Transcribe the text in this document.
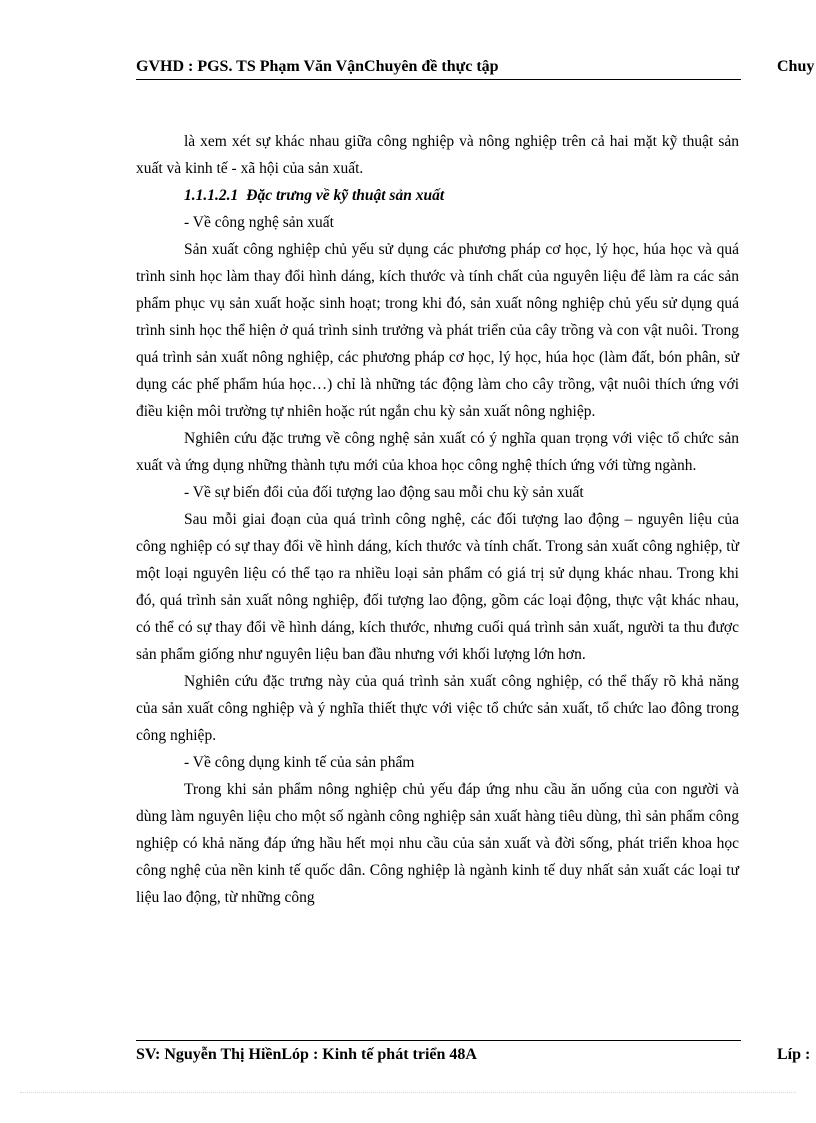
GVHD : PGS. TS Phạm Văn VậnChuyên đề thực tập	Chuy

là xem xét sự khác nhau giữa công nghiệp và nông nghiệp trên cả hai mặt kỹ thuật sản xuất và kinh tế - xã hội của sản xuất.

1.1.1.2.1 Đặc trưng về kỹ thuật sản xuất

- Về công nghệ sản xuất

Sản xuất công nghiệp chủ yếu sử dụng các phương pháp cơ học, lý học, húa học và quá trình sinh học làm thay đổi hình dáng, kích thước và tính chất của nguyên liệu để làm ra các sản phẩm phục vụ sản xuất hoặc sinh hoạt; trong khi đó, sản xuất nông nghiệp chủ yếu sử dụng quá trình sinh học thể hiện ở quá trình sinh trưởng và phát triển của cây trồng và con vật nuôi. Trong quá trình sản xuất nông nghiệp, các phương pháp cơ học, lý học, húa học (làm đất, bón phân, sử dụng các phế phẩm húa học…) chỉ là những tác động làm cho cây trồng, vật nuôi thích ứng với điều kiện môi trường tự nhiên hoặc rút ngắn chu kỳ sản xuất nông nghiệp.

Nghiên cứu đặc trưng về công nghệ sản xuất có ý nghĩa quan trọng với việc tổ chức sản xuất và ứng dụng những thành tựu mới của khoa học công nghệ thích ứng với từng ngành.

- Về sự biến đổi của đối tượng lao động sau mỗi chu kỳ sản xuất

Sau mỗi giai đoạn của quá trình công nghệ, các đối tượng lao động – nguyên liệu của công nghiệp có sự thay đổi về hình dáng, kích thước và tính chất. Trong sản xuất công nghiệp, từ một loại nguyên liệu có thể tạo ra nhiều loại sản phẩm có giá trị sử dụng khác nhau. Trong khi đó, quá trình sản xuất nông nghiệp, đối tượng lao động, gồm các loại động, thực vật khác nhau, có thể có sự thay đổi về hình dáng, kích thước, nhưng cuối quá trình sản xuất, người ta thu được sản phẩm giống như nguyên liệu ban đầu nhưng với khối lượng lớn hơn.

Nghiên cứu đặc trưng này của quá trình sản xuất công nghiệp, có thể thấy rõ khả năng của sản xuất công nghiệp và ý nghĩa thiết thực với việc tổ chức sản xuất, tổ chức lao đông trong công nghiệp.

- Về công dụng kinh tế của sản phẩm

Trong khi sản phẩm nông nghiệp chủ yếu đáp ứng nhu cầu ăn uống của con người và dùng làm nguyên liệu cho một số ngành công nghiệp sản xuất hàng tiêu dùng, thì sản phẩm công nghiệp có khả năng đáp ứng hầu hết mọi nhu cầu của sản xuất và đời sống, phát triển khoa học công nghệ của nền kinh tế quốc dân. Công nghiệp là ngành kinh tế duy nhất sản xuất các loại tư liệu lao động, từ những công

SV: Nguyễn Thị HiềnLóp : Kinh tế phát triển 48A	Líp :
